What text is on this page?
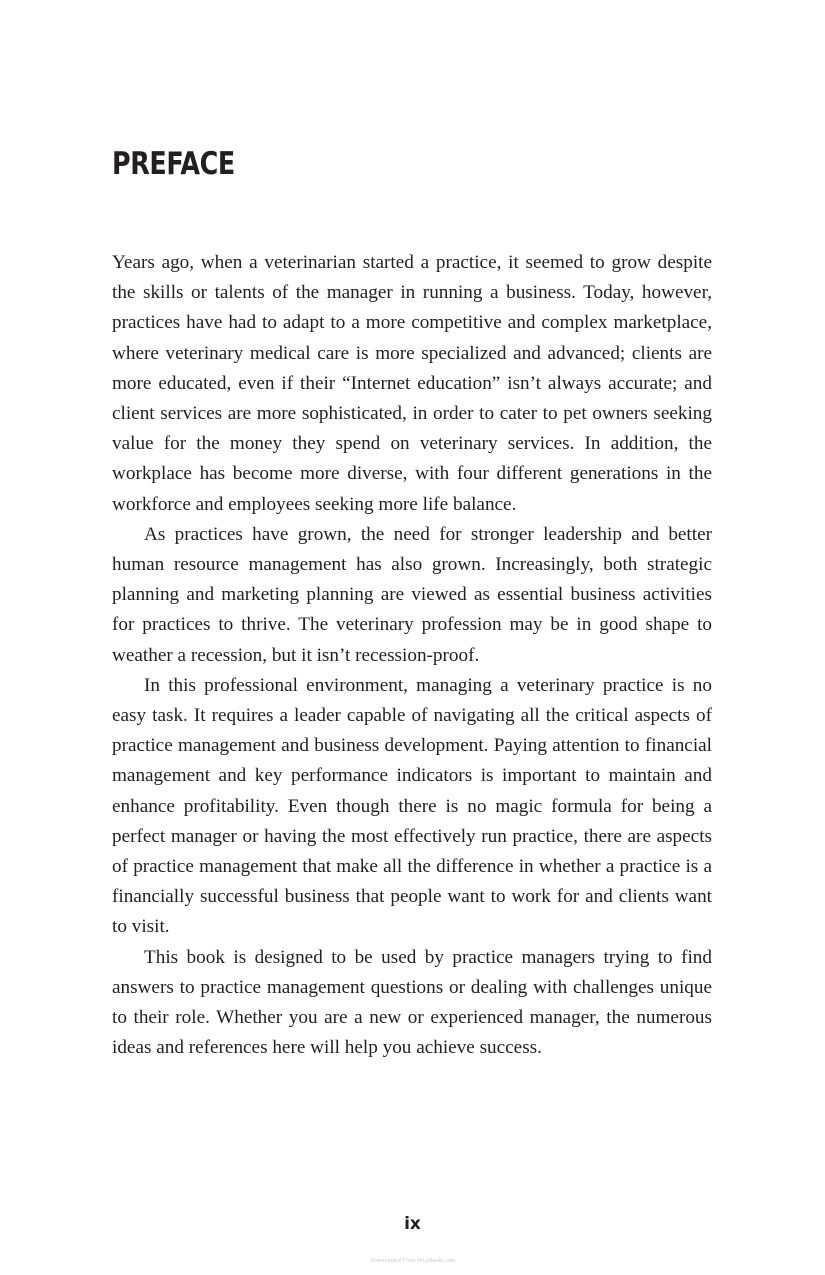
PREFACE

Years ago, when a veterinarian started a practice, it seemed to grow despite the skills or talents of the manager in running a business. Today, however, practices have had to adapt to a more competitive and complex marketplace, where veterinary medical care is more specialized and advanced; clients are more educated, even if their “Internet education” isn’t always accurate; and client services are more sophisticated, in order to cater to pet owners seeking value for the money they spend on veterinary services. In addition, the workplace has become more diverse, with four different generations in the workforce and employees seeking more life balance.

As practices have grown, the need for stronger leadership and better human resource management has also grown. Increasingly, both strategic planning and marketing planning are viewed as essential business activities for practices to thrive. The veterinary profession may be in good shape to weather a recession, but it isn’t recession-proof.

In this professional environment, managing a veterinary practice is no easy task. It requires a leader capable of navigating all the critical aspects of practice management and business development. Paying attention to financial management and key performance indicators is important to maintain and enhance profitability. Even though there is no magic formula for being a perfect manager or having the most effectively run practice, there are aspects of practice management that make all the difference in whether a practice is a financially successful business that people want to work for and clients want to visit.

This book is designed to be used by practice managers trying to find answers to practice management questions or dealing with challenges unique to their role. Whether you are a new or experienced manager, the numerous ideas and references here will help you achieve success.

ix
Downloaded From Vet-eBooks.com
